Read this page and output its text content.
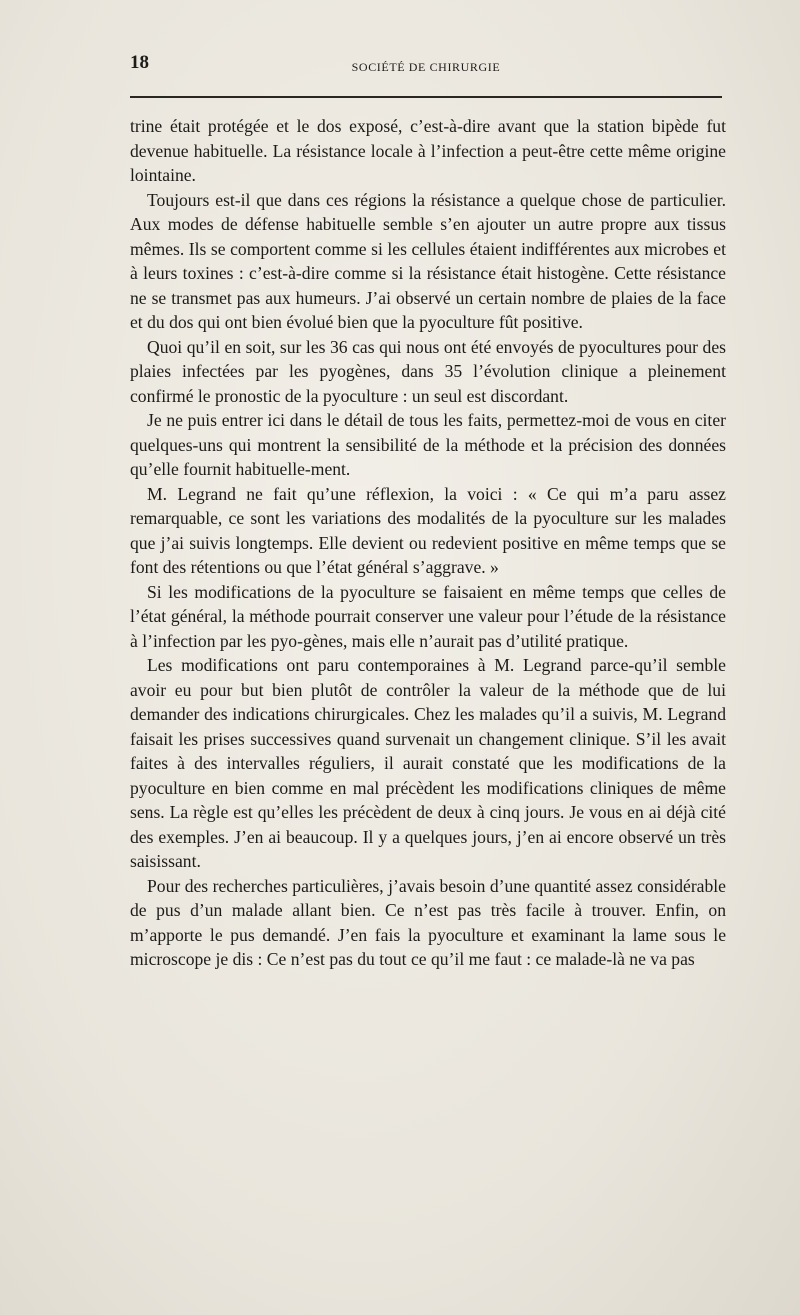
18	SOCIÉTÉ DE CHIRURGIE

trine était protégée et le dos exposé, c’est-à-dire avant que la station bipède fut devenue habituelle. La résistance locale à l’infection a peut-être cette même origine lointaine.

Toujours est-il que dans ces régions la résistance a quelque chose de particulier. Aux modes de défense habituelle semble s’en ajouter un autre propre aux tissus mêmes. Ils se comportent comme si les cellules étaient indifférentes aux microbes et à leurs toxines : c’est-à-dire comme si la résistance était histogène. Cette résistance ne se transmet pas aux humeurs. J’ai observé un certain nombre de plaies de la face et du dos qui ont bien évolué bien que la pyoculture fût positive.

Quoi qu’il en soit, sur les 36 cas qui nous ont été envoyés de pyocultures pour des plaies infectées par les pyogènes, dans 35 l’évolution clinique a pleinement confirmé le pronostic de la pyoculture : un seul est discordant.

Je ne puis entrer ici dans le détail de tous les faits, permettez-moi de vous en citer quelques-uns qui montrent la sensibilité de la méthode et la précision des données qu’elle fournit habituelle-ment.

M. Legrand ne fait qu’une réflexion, la voici : « Ce qui m’a paru assez remarquable, ce sont les variations des modalités de la pyoculture sur les malades que j’ai suivis longtemps. Elle devient ou redevient positive en même temps que se font des rétentions ou que l’état général s’aggrave. »

Si les modifications de la pyoculture se faisaient en même temps que celles de l’état général, la méthode pourrait conserver une valeur pour l’étude de la résistance à l’infection par les pyo-gènes, mais elle n’aurait pas d’utilité pratique.

Les modifications ont paru contemporaines à M. Legrand parce-qu’il semble avoir eu pour but bien plutôt de contrôler la valeur de la méthode que de lui demander des indications chirurgicales. Chez les malades qu’il a suivis, M. Legrand faisait les prises successives quand survenait un changement clinique. S’il les avait faites à des intervalles réguliers, il aurait constaté que les modifications de la pyoculture en bien comme en mal précèdent les modifications cliniques de même sens. La règle est qu’elles les précèdent de deux à cinq jours. Je vous en ai déjà cité des exemples. J’en ai beaucoup. Il y a quelques jours, j’en ai encore observé un très saisissant.

Pour des recherches particulières, j’avais besoin d’une quantité assez considérable de pus d’un malade allant bien. Ce n’est pas très facile à trouver. Enfin, on m’apporte le pus demandé. J’en fais la pyoculture et examinant la lame sous le microscope je dis : Ce n’est pas du tout ce qu’il me faut : ce malade-là ne va pas
